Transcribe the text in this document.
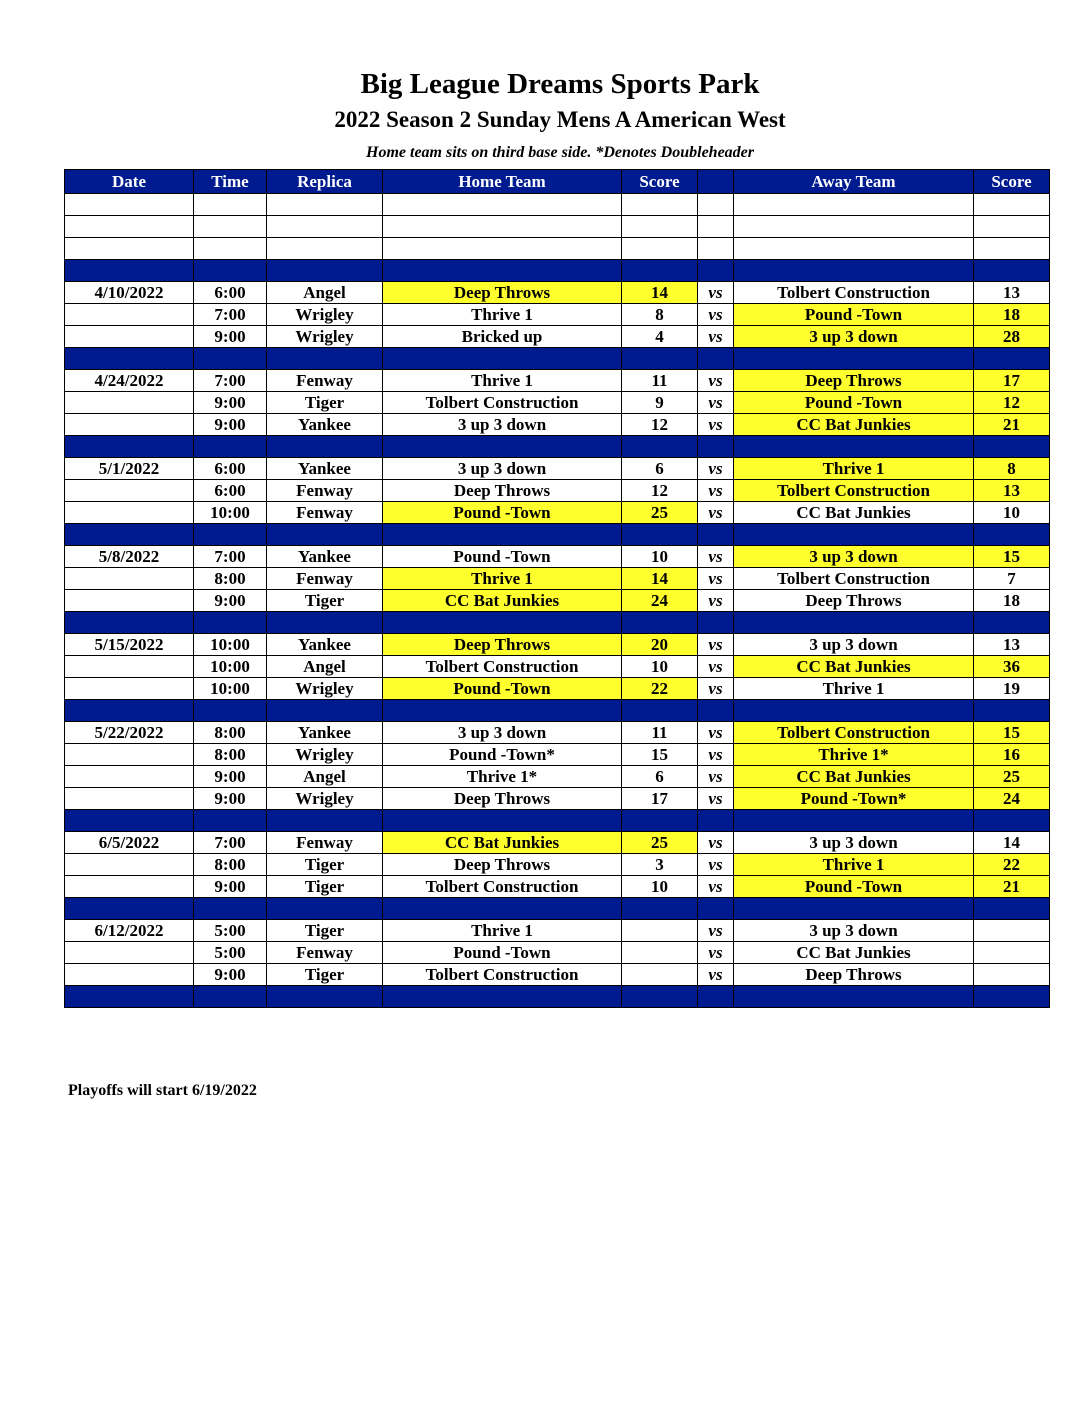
Big League Dreams Sports Park
2022 Season 2 Sunday Mens A American West
Home team sits on third base side. *Denotes Doubleheader
Date	Time	Replica	Home Team	Score		Away Team	Score

4/10/2022	6:00	Angel	Deep Throws	14	vs	Tolbert Construction	13
	7:00	Wrigley	Thrive 1	8	vs	Pound -Town	18
	9:00	Wrigley	Bricked up	4	vs	3 up 3 down	28

4/24/2022	7:00	Fenway	Thrive 1	11	vs	Deep Throws	17
	9:00	Tiger	Tolbert Construction	9	vs	Pound -Town	12
	9:00	Yankee	3 up 3 down	12	vs	CC Bat Junkies	21

5/1/2022	6:00	Yankee	3 up 3 down	6	vs	Thrive 1	8
	6:00	Fenway	Deep Throws	12	vs	Tolbert Construction	13
	10:00	Fenway	Pound -Town	25	vs	CC Bat Junkies	10

5/8/2022	7:00	Yankee	Pound -Town	10	vs	3 up 3 down	15
	8:00	Fenway	Thrive 1	14	vs	Tolbert Construction	7
	9:00	Tiger	CC Bat Junkies	24	vs	Deep Throws	18

5/15/2022	10:00	Yankee	Deep Throws	20	vs	3 up 3 down	13
	10:00	Angel	Tolbert Construction	10	vs	CC Bat Junkies	36
	10:00	Wrigley	Pound -Town	22	vs	Thrive 1	19

5/22/2022	8:00	Yankee	3 up 3 down	11	vs	Tolbert Construction	15
	8:00	Wrigley	Pound -Town*	15	vs	Thrive 1*	16
	9:00	Angel	Thrive 1*	6	vs	CC Bat Junkies	25
	9:00	Wrigley	Deep Throws	17	vs	Pound -Town*	24

6/5/2022	7:00	Fenway	CC Bat Junkies	25	vs	3 up 3 down	14
	8:00	Tiger	Deep Throws	3	vs	Thrive 1	22
	9:00	Tiger	Tolbert Construction	10	vs	Pound -Town	21

6/12/2022	5:00	Tiger	Thrive 1		vs	3 up 3 down	
	5:00	Fenway	Pound -Town		vs	CC Bat Junkies	
	9:00	Tiger	Tolbert Construction		vs	Deep Throws	

Playoffs will start 6/19/2022
